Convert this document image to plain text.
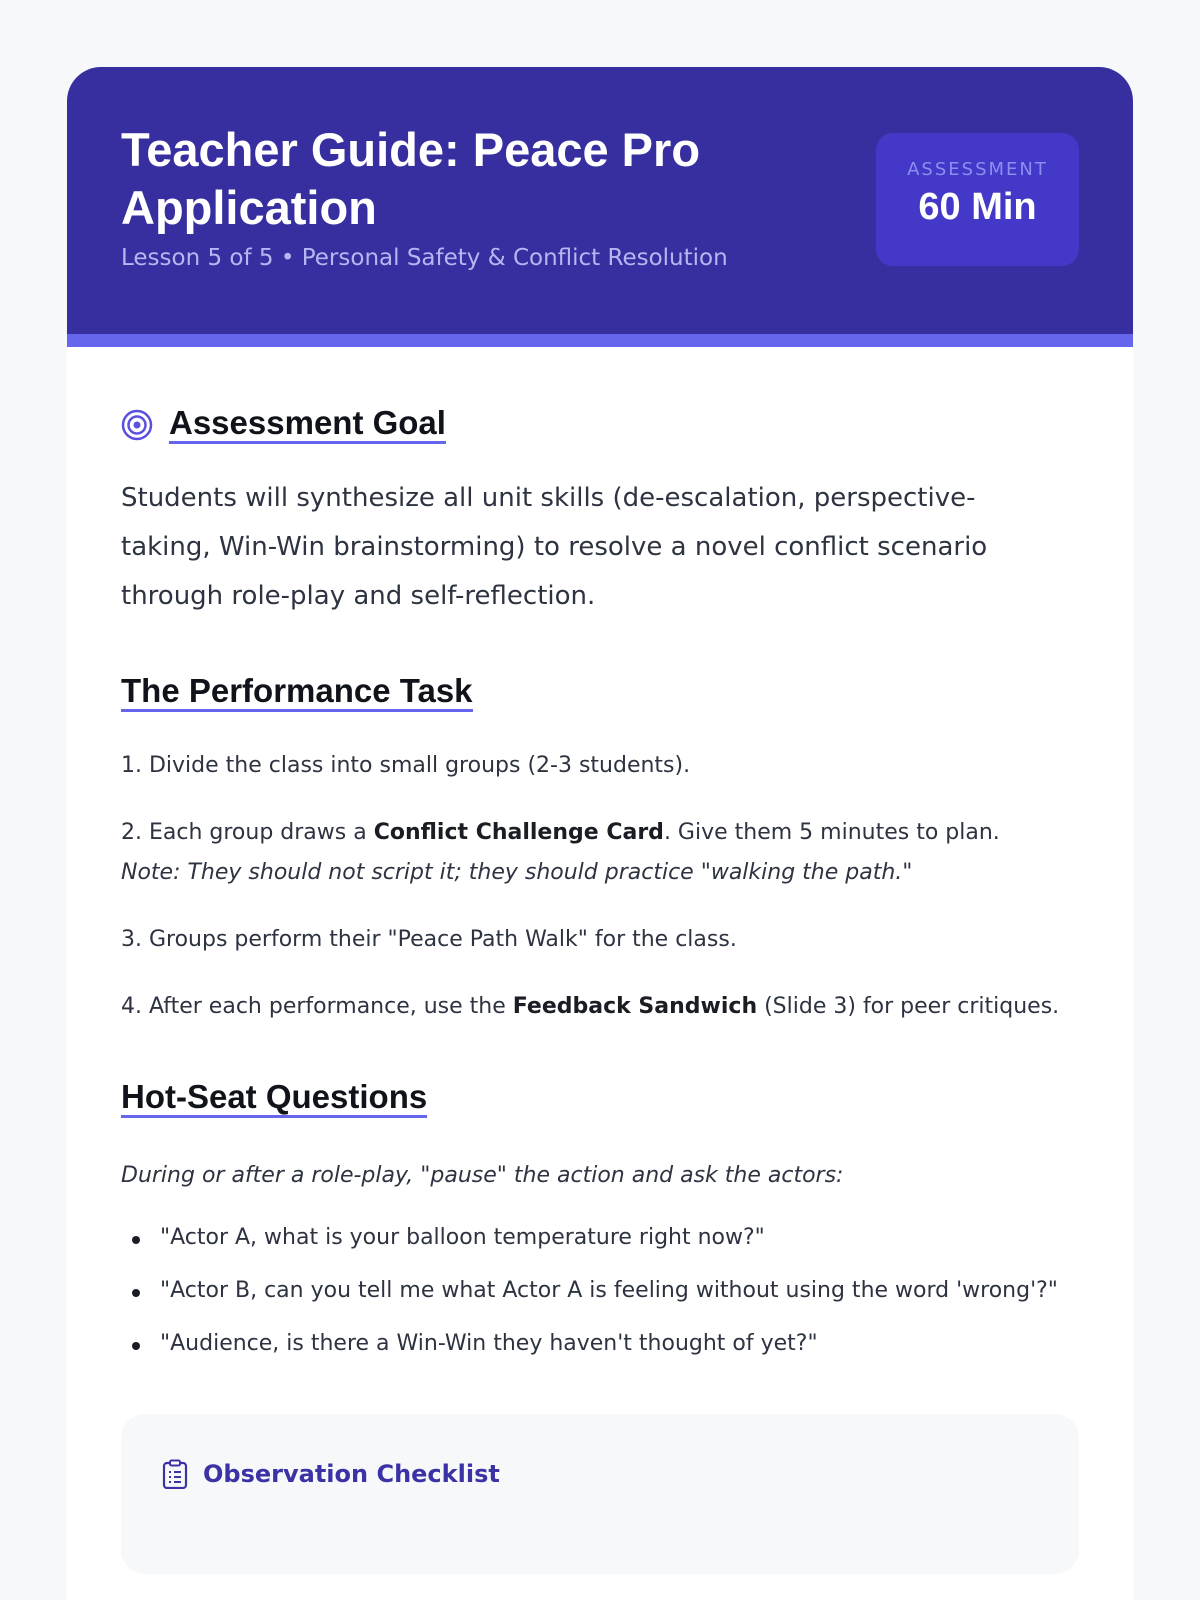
Teacher Guide: Peace Pro Application
Lesson 5 of 5 • Personal Safety & Conflict Resolution
ASSESSMENT
60 Min
Assessment Goal

Students will synthesize all unit skills (de-escalation, perspective-taking, Win-Win brainstorming) to resolve a novel conflict scenario through role-play and self-reflection.

The Performance Task
1. Divide the class into small groups (2-3 students).
2. Each group draws a Conflict Challenge Card. Give them 5 minutes to plan.
Note: They should not script it; they should practice "walking the path."
3. Groups perform their "Peace Path Walk" for the class.
4. After each performance, use the Feedback Sandwich (Slide 3) for peer critiques.
Hot-Seat Questions

During or after a role-play, "pause" the action and ask the actors:

"Actor A, what is your balloon temperature right now?"
"Actor B, can you tell me what Actor A is feeling without using the word 'wrong'?"
"Audience, is there a Win-Win they haven't thought of yet?"
Observation Checklist
